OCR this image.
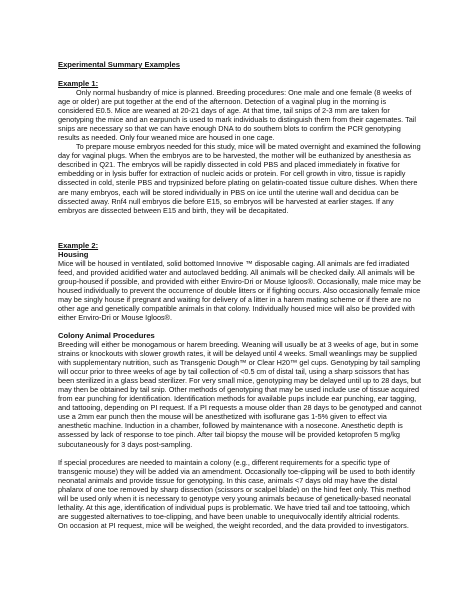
Experimental Summary Examples
Example 1:

Only normal husbandry of mice is planned. Breeding procedures: One male and one female (8 weeks of age or older) are put together at the end of the afternoon. Detection of a vaginal plug in the morning is considered E0.5. Mice are weaned at 20-21 days of age. At that time, tail snips of 2-3 mm are taken for genotyping the mice and an earpunch is used to mark individuals to distinguish them from their cagemates. Tail snips are necessary so that we can have enough DNA to do southern blots to confirm the PCR genotyping results as needed. Only four weaned mice are housed in one cage.

To prepare mouse embryos needed for this study, mice will be mated overnight and examined the following day for vaginal plugs. When the embryos are to be harvested, the mother will be euthanized by anesthesia as described in Q21. The embryos will be rapidly dissected in cold PBS and placed immediately in fixative for embedding or in lysis buffer for extraction of nucleic acids or protein. For cell growth in vitro, tissue is rapidly dissected in cold, sterile PBS and trypsinized before plating on gelatin-coated tissue culture dishes. When there are many embryos, each will be stored individually in PBS on ice until the uterine wall and decidua can be dissected away. Rnf4 null embryos die before E15, so embryos will be harvested at earlier stages. If any embryos are dissected between E15 and birth, they will be decapitated.

Example 2:
Housing

Mice will be housed in ventilated, solid bottomed Innovive ™ disposable caging. All animals are fed irradiated feed, and provided acidified water and autoclaved bedding. All animals will be checked daily. All animals will be group-housed if possible, and provided with either Enviro-Dri or Mouse Igloos®. Occasionally, male mice may be housed individually to prevent the occurrence of double litters or if fighting occurs. Also occasionally female mice may be singly house if pregnant and waiting for delivery of a litter in a harem mating scheme or if there are no other age and genetically compatible animals in that colony. Individually housed mice will also be provided with either Enviro-Dri or Mouse Igloos®.

Colony Animal Procedures

Breeding will either be monogamous or harem breeding. Weaning will usually be at 3 weeks of age, but in some strains or knockouts with slower growth rates, it will be delayed until 4 weeks. Small weanlings may be supplied with supplementary nutrition, such as Transgenic Dough™ or Clear H20™ gel cups. Genotyping by tail sampling will occur prior to three weeks of age by tail collection of <0.5 cm of distal tail, using a sharp scissors that has been sterilized in a glass bead sterilizer. For very small mice, genotyping may be delayed until up to 28 days, but may then be obtained by tail snip. Other methods of genotyping that may be used include use of tissue acquired from ear punching for identification. Identification methods for available pups include ear punching, ear tagging, and tattooing, depending on PI request. If a PI requests a mouse older than 28 days to be genotyped and cannot use a 2mm ear punch then the mouse will be anesthetized with isoflurane gas 1-5% given to effect via anesthetic machine. Induction in a chamber, followed by maintenance with a nosecone. Anesthetic depth is assessed by lack of response to toe pinch. After tail biopsy the mouse will be provided ketoprofen 5 mg/kg subcutaneously for 3 days post-sampling.

If special procedures are needed to maintain a colony (e.g., different requirements for a specific type of transgenic mouse) they will be added via an amendment. Occasionally toe-clipping will be used to both identify neonatal animals and provide tissue for genotyping. In this case, animals <7 days old may have the distal phalanx of one toe removed by sharp dissection (scissors or scalpel blade) on the hind feet only. This method will be used only when it is necessary to genotype very young animals because of genetically-based neonatal lethality. At this age, identification of individual pups is problematic. We have tried tail and toe tattooing, which are suggested alternatives to toe-clipping, and have been unable to unequivocally identify altricial rodents.

On occasion at PI request, mice will be weighed, the weight recorded, and the data provided to investigators.
